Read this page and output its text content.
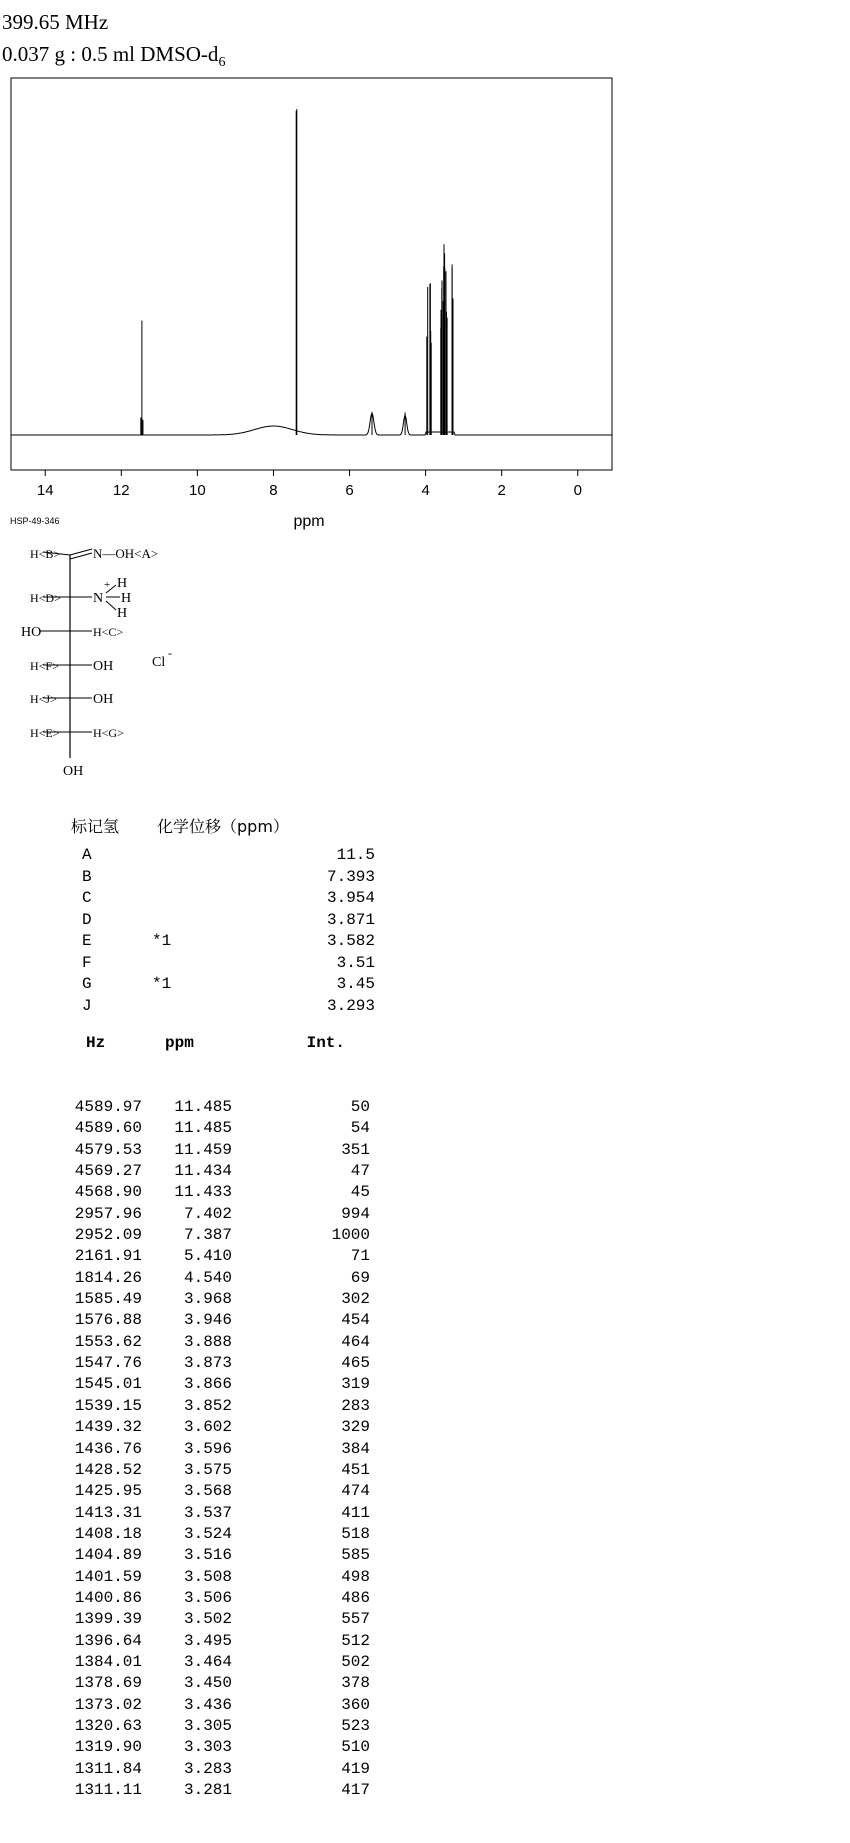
399.65 MHz
0.037 g : 0.5 ml DMSO-$d_6$
14	12	10	8	6	4	2	0
ppm
HSP-49-346
H<B>	N—OH<A>
H<D> N
+ H
H
H
HO	H<C>
H<F> OH	Cl
-
H<J>	OH
H<E>	H<G>
OH
标记氢 化学位移（ppm）
A	11.5
B	7.393
C	3.954
D	3.871
E	*1	3.582
F	3.51
G	*1	3.45
J	3.293
Hz	ppm	Int.
4589.97	11.485	50
4589.60	11.485	54
4579.53	11.459	351
4569.27	11.434	47
4568.90	11.433	45
2957.96	7.402	994
2952.09	7.387	1000
2161.91	5.410	71
1814.26	4.540	69
1585.49	3.968	302
1576.88	3.946	454
1553.62	3.888	464
1547.76	3.873	465
1545.01	3.866	319
1539.15	3.852	283
1439.32	3.602	329
1436.76	3.596	384
1428.52	3.575	451
1425.95	3.568	474
1413.31	3.537	411
1408.18	3.524	518
1404.89	3.516	585
1401.59	3.508	498
1400.86	3.506	486
1399.39	3.502	557
1396.64	3.495	512
1384.01	3.464	502
1378.69	3.450	378
1373.02	3.436	360
1320.63	3.305	523
1319.90	3.303	510
1311.84	3.283	419
1311.11	3.281	417
